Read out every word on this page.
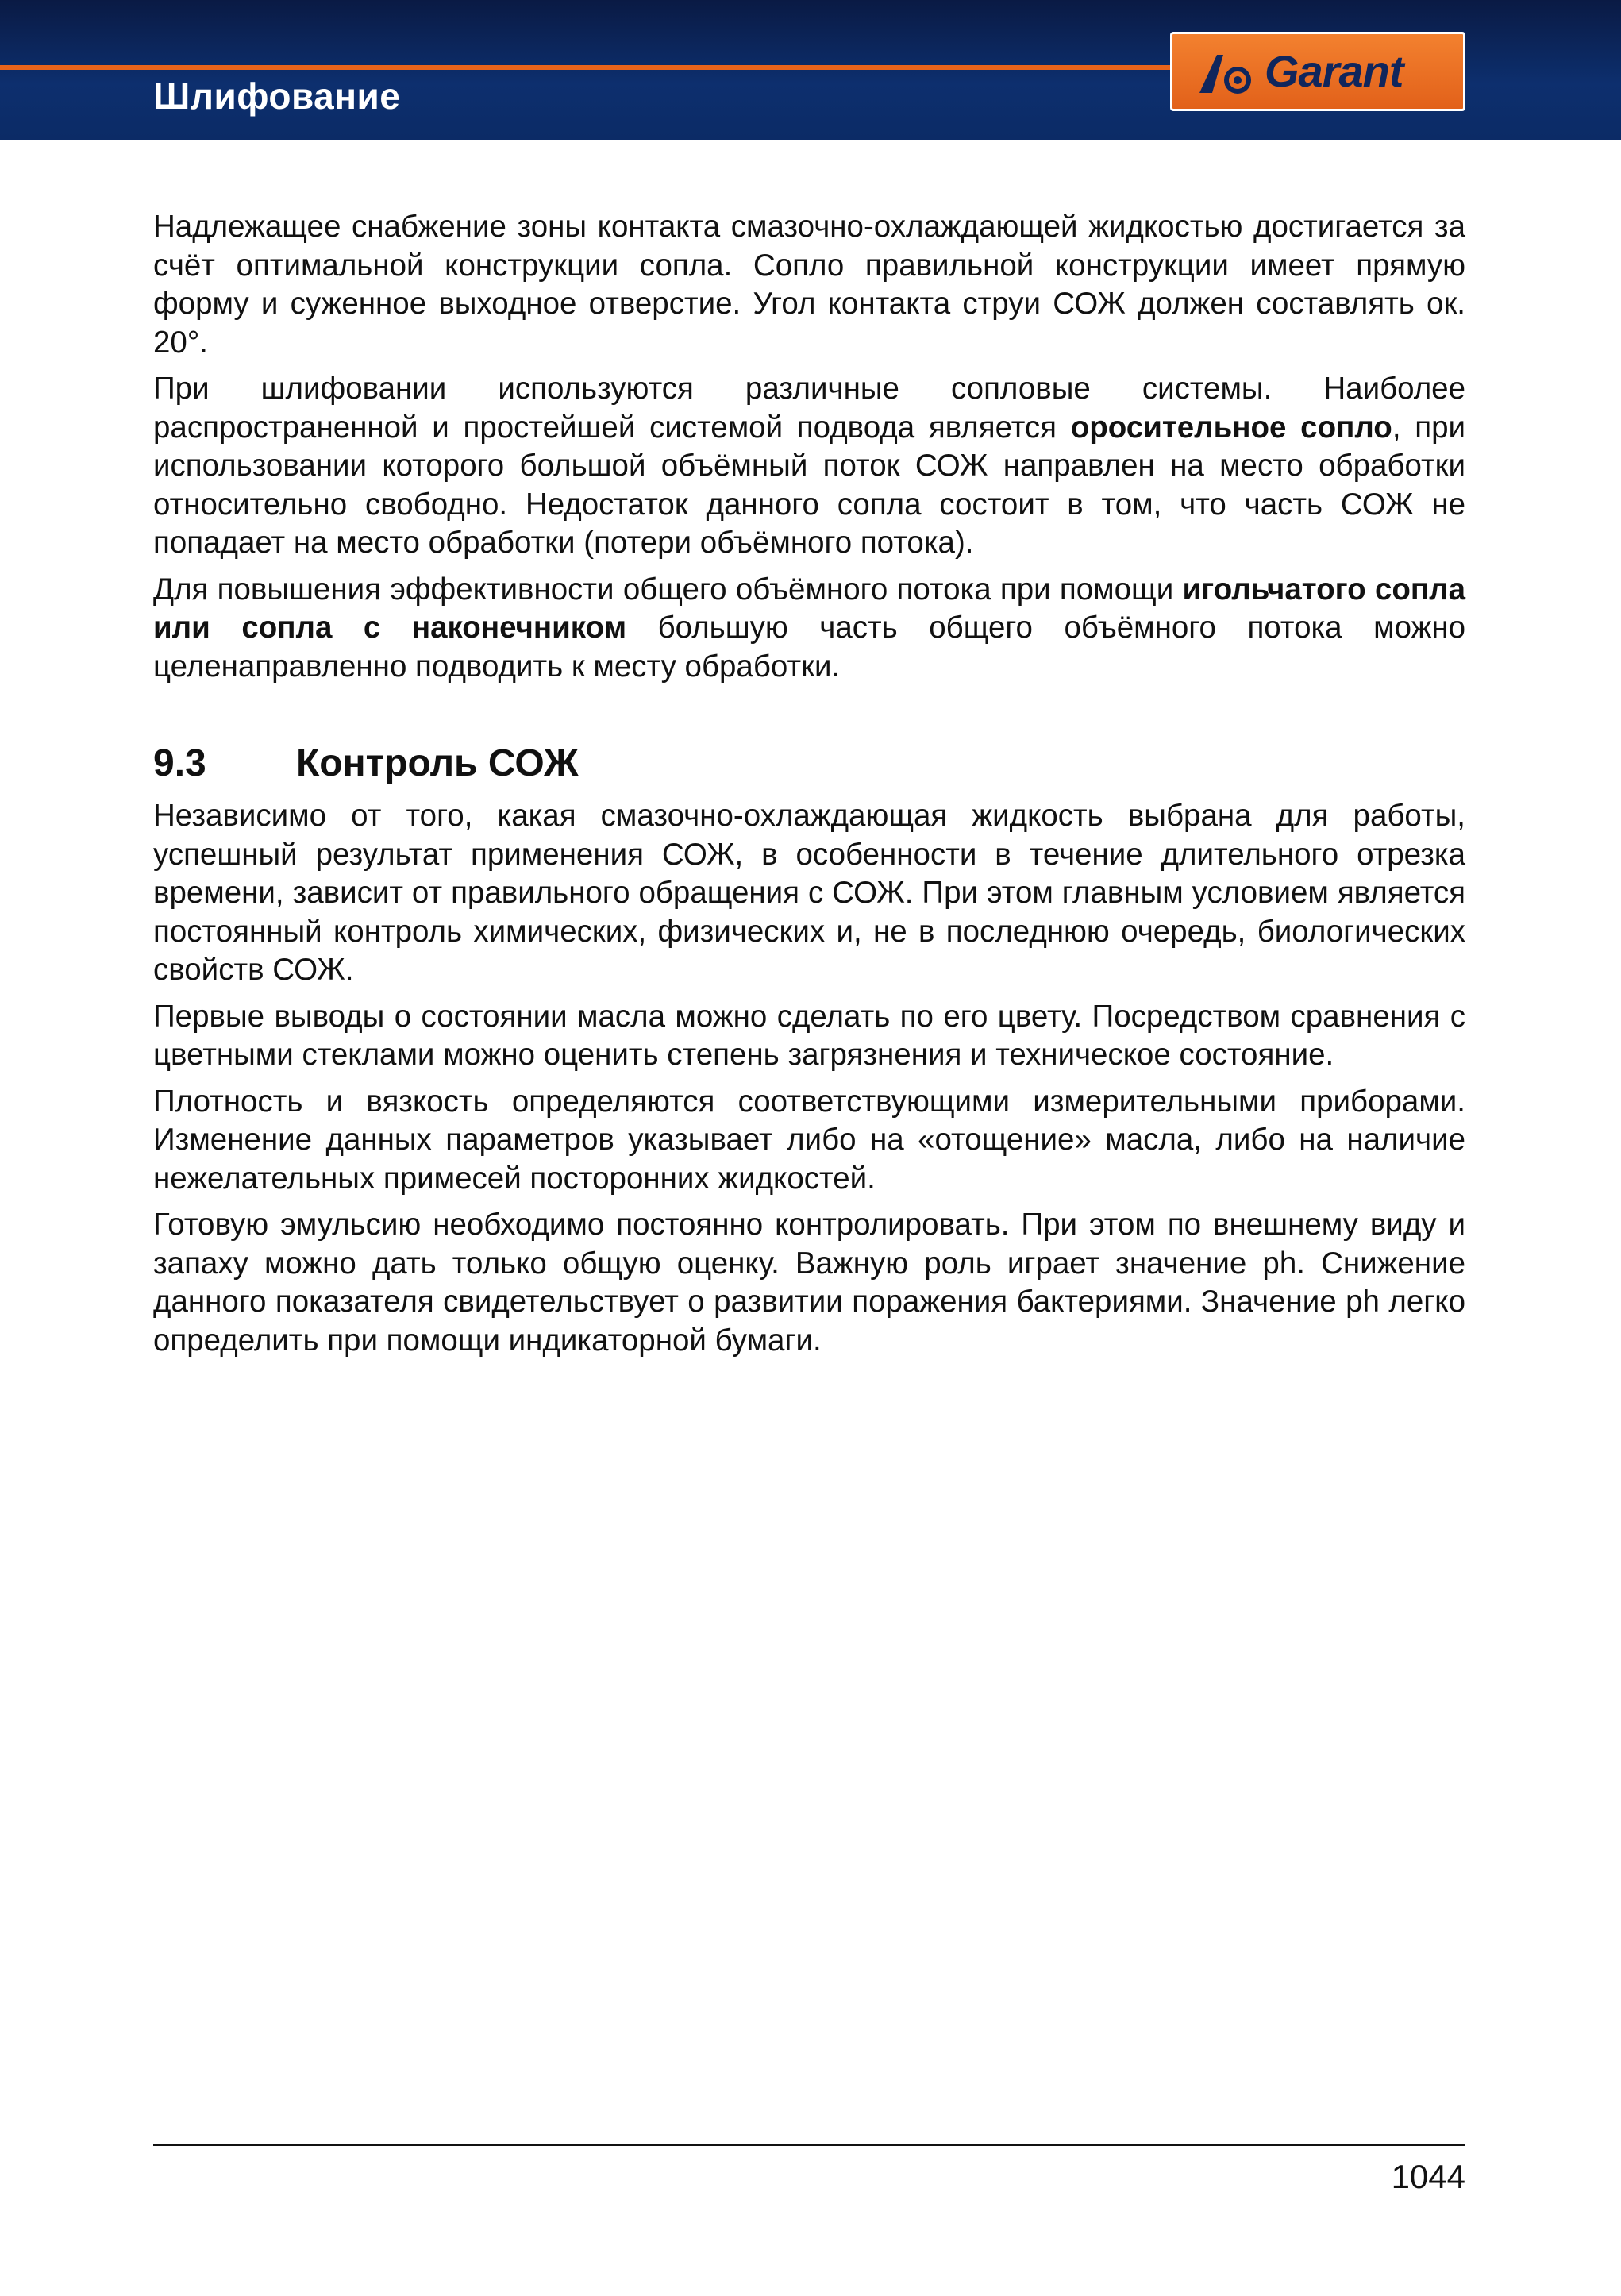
Шлифование	Garant

Надлежащее снабжение зоны контакта смазочно-охлаждающей жидкостью достигается за счёт оптимальной конструкции сопла. Сопло правильной конструкции имеет прямую форму и суженное выходное отверстие. Угол контакта струи СОЖ должен составлять ок. 20°.

При шлифовании используются различные сопловые системы. Наиболее распространенной и простейшей системой подвода является оросительное сопло, при использовании которого большой объёмный поток СОЖ направлен на место обработки относительно свободно. Недостаток данного сопла состоит в том, что часть СОЖ не попадает на место обработки (потери объёмного потока).

Для повышения эффективности общего объёмного потока при помощи игольчатого сопла или сопла с наконечником большую часть общего объёмного потока можно целенаправленно подводить к месту обработки.

9.3	Контроль СОЖ

Независимо от того, какая смазочно-охлаждающая жидкость выбрана для работы, успешный результат применения СОЖ, в особенности в течение длительного отрезка времени, зависит от правильного обращения с СОЖ. При этом главным условием является постоянный контроль химических, физических и, не в последнюю очередь, биологических свойств СОЖ.

Первые выводы о состоянии масла можно сделать по его цвету. Посредством сравнения с цветными стеклами можно оценить степень загрязнения и техническое состояние.

Плотность и вязкость определяются соответствующими измерительными приборами. Изменение данных параметров указывает либо на «отощение» масла, либо на наличие нежелательных примесей посторонних жидкостей.

Готовую эмульсию необходимо постоянно контролировать. При этом по внешнему виду и запаху можно дать только общую оценку. Важную роль играет значение ph. Снижение данного показателя свидетельствует о развитии поражения бактериями. Значение ph легко определить при помощи индикаторной бумаги.

1044
